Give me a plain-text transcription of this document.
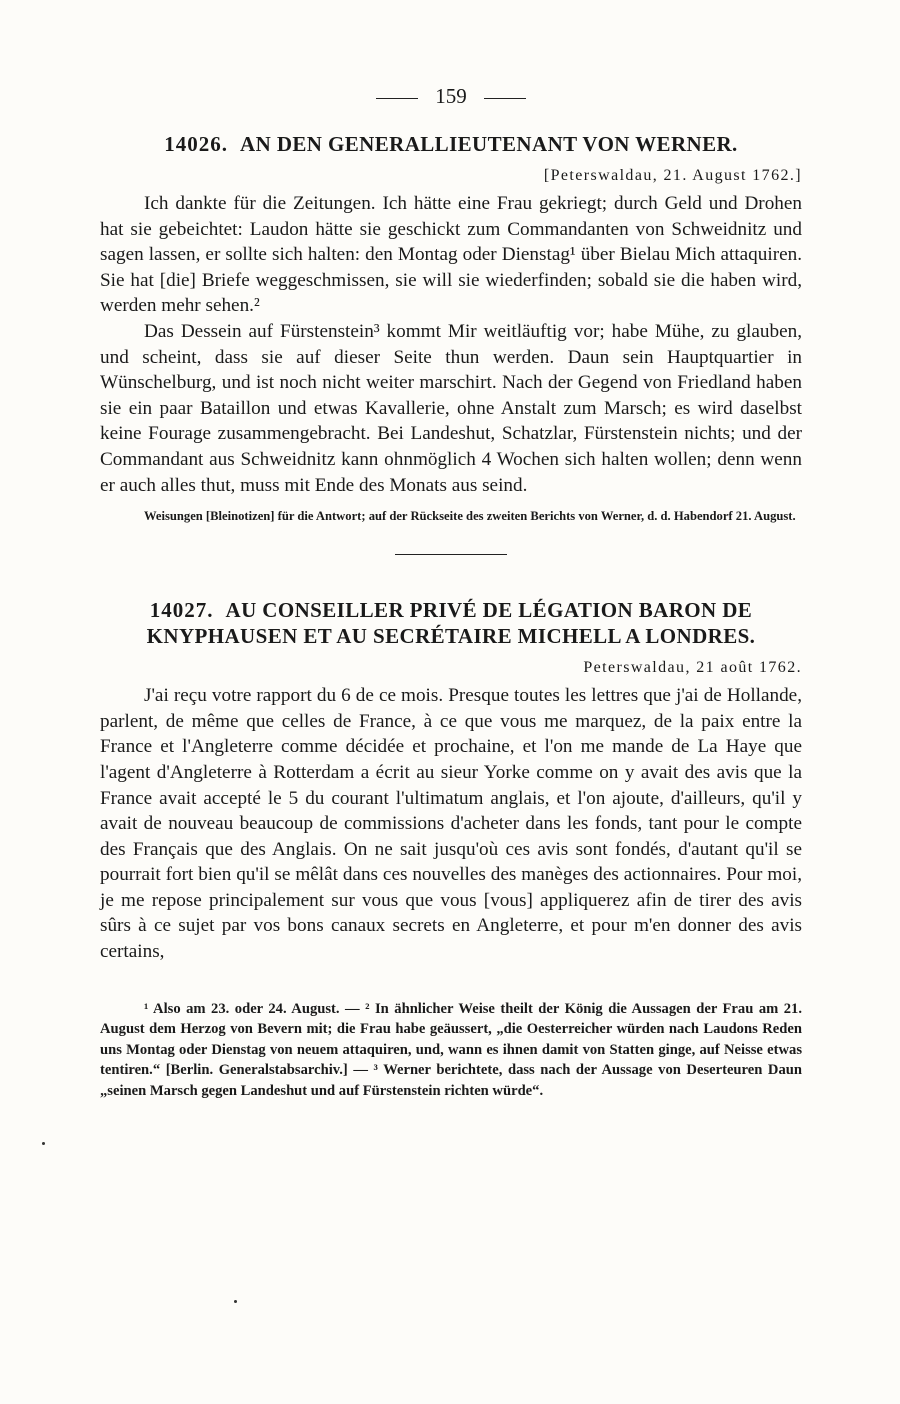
159
14026. AN DEN GENERALLIEUTENANT VON WERNER.
[Peterswaldau, 21. August 1762.]

Ich dankte für die Zeitungen. Ich hätte eine Frau gekriegt; durch Geld und Drohen hat sie gebeichtet: Laudon hätte sie geschickt zum Commandanten von Schweidnitz und sagen lassen, er sollte sich halten: den Montag oder Dienstag¹ über Bielau Mich attaquiren. Sie hat [die] Briefe weggeschmissen, sie will sie wiederfinden; sobald sie die haben wird, werden mehr sehen.²

Das Dessein auf Fürstenstein³ kommt Mir weitläuftig vor; habe Mühe, zu glauben, und scheint, dass sie auf dieser Seite thun werden. Daun sein Hauptquartier in Wünschelburg, und ist noch nicht weiter marschirt. Nach der Gegend von Friedland haben sie ein paar Bataillon und etwas Kavallerie, ohne Anstalt zum Marsch; es wird daselbst keine Fourage zusammengebracht. Bei Landeshut, Schatzlar, Fürstenstein nichts; und der Commandant aus Schweidnitz kann ohnmöglich 4 Wochen sich halten wollen; denn wenn er auch alles thut, muss mit Ende des Monats aus seind.

Weisungen [Bleinotizen] für die Antwort; auf der Rückseite des zweiten Berichts von Werner, d. d. Habendorf 21. August.

14027. AU CONSEILLER PRIVÉ DE LÉGATION BARON DE
KNYPHAUSEN ET AU SECRÉTAIRE MICHELL A LONDRES.
Peterswaldau, 21 août 1762.

J'ai reçu votre rapport du 6 de ce mois. Presque toutes les lettres que j'ai de Hollande, parlent, de même que celles de France, à ce que vous me marquez, de la paix entre la France et l'Angleterre comme décidée et prochaine, et l'on me mande de La Haye que l'agent d'Angleterre à Rotterdam a écrit au sieur Yorke comme on y avait des avis que la France avait accepté le 5 du courant l'ultimatum anglais, et l'on ajoute, d'ailleurs, qu'il y avait de nouveau beaucoup de commissions d'acheter dans les fonds, tant pour le compte des Français que des Anglais. On ne sait jusqu'où ces avis sont fondés, d'autant qu'il se pourrait fort bien qu'il se mêlât dans ces nouvelles des manèges des actionnaires. Pour moi, je me repose principalement sur vous que vous [vous] appliquerez afin de tirer des avis sûrs à ce sujet par vos bons canaux secrets en Angleterre, et pour m'en donner des avis certains,

¹ Also am 23. oder 24. August. — ² In ähnlicher Weise theilt der König die Aussagen der Frau am 21. August dem Herzog von Bevern mit; die Frau habe geäussert, „die Oesterreicher würden nach Laudons Reden uns Montag oder Dienstag von neuem attaquiren, und, wann es ihnen damit von Statten ginge, auf Neisse etwas tentiren.“ [Berlin. Generalstabsarchiv.] — ³ Werner berichtete, dass nach der Aussage von Deserteuren Daun „seinen Marsch gegen Landeshut und auf Fürstenstein richten würde“.
